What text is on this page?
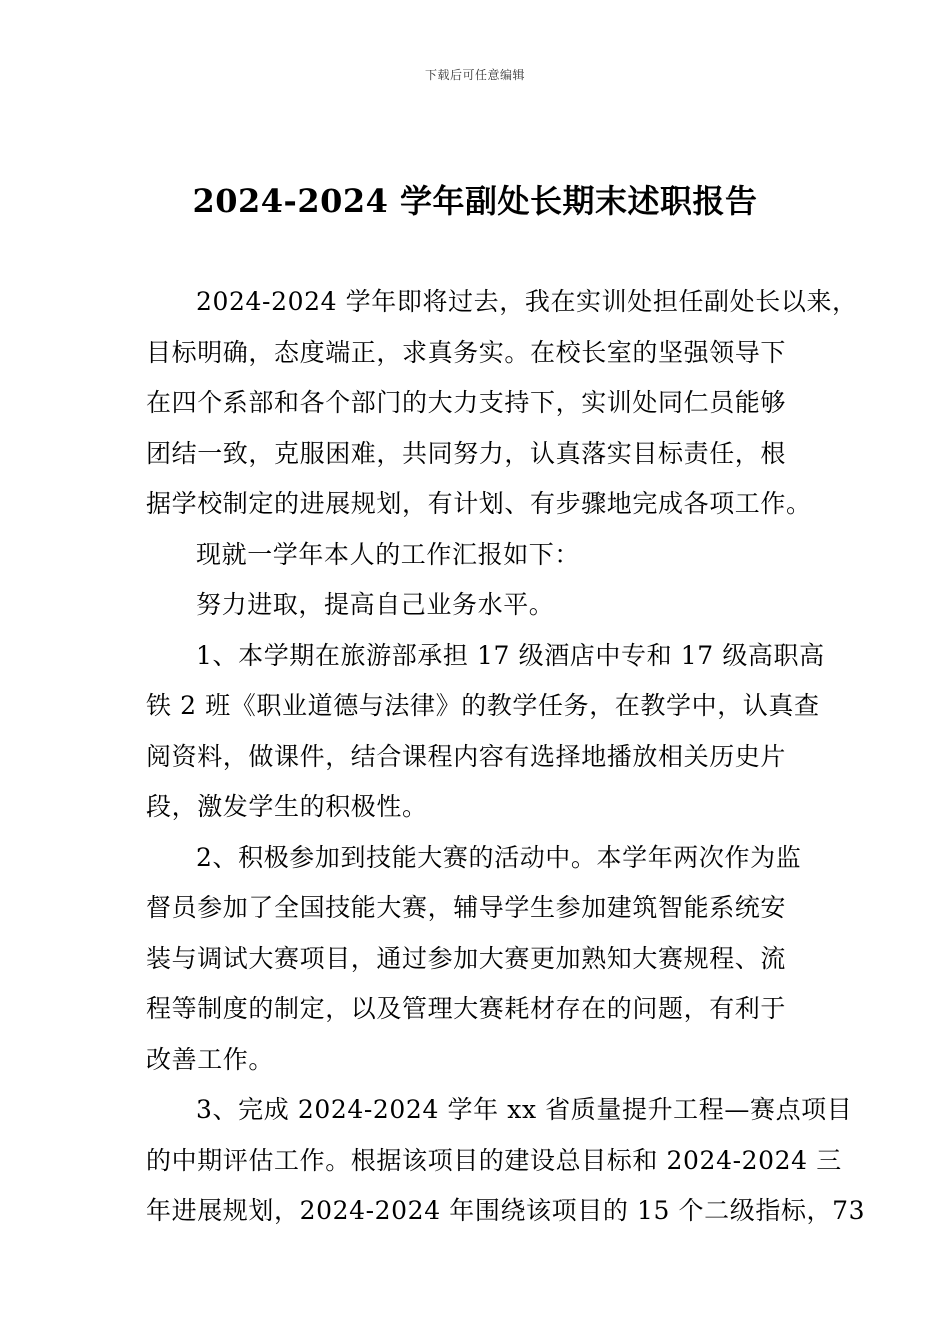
下载后可任意编辑
2024-2024 学年副处长期末述职报告
2024-2024 学年即将过去，我在实训处担任副处长以来，
目标明确，态度端正，求真务实。在校长室的坚强领导下
在四个系部和各个部门的大力支持下，实训处同仁员能够
团结一致，克服困难，共同努力，认真落实目标责任，根
据学校制定的进展规划，有计划、有步骤地完成各项工作。
现就一学年本人的工作汇报如下：
努力进取，提高自己业务水平。
1、本学期在旅游部承担 17 级酒店中专和 17 级高职高
铁 2 班《职业道德与法律》的教学任务，在教学中，认真查
阅资料，做课件，结合课程内容有选择地播放相关历史片
段，激发学生的积极性。
2、积极参加到技能大赛的活动中。本学年两次作为监
督员参加了全国技能大赛，辅导学生参加建筑智能系统安
装与调试大赛项目，通过参加大赛更加熟知大赛规程、流
程等制度的制定，以及管理大赛耗材存在的问题，有利于
改善工作。
3、完成 2024-2024 学年 xx 省质量提升工程—赛点项目
的中期评估工作。根据该项目的建设总目标和 2024-2024 三
年进展规划，2024-2024 年围绕该项目的 15 个二级指标，73
